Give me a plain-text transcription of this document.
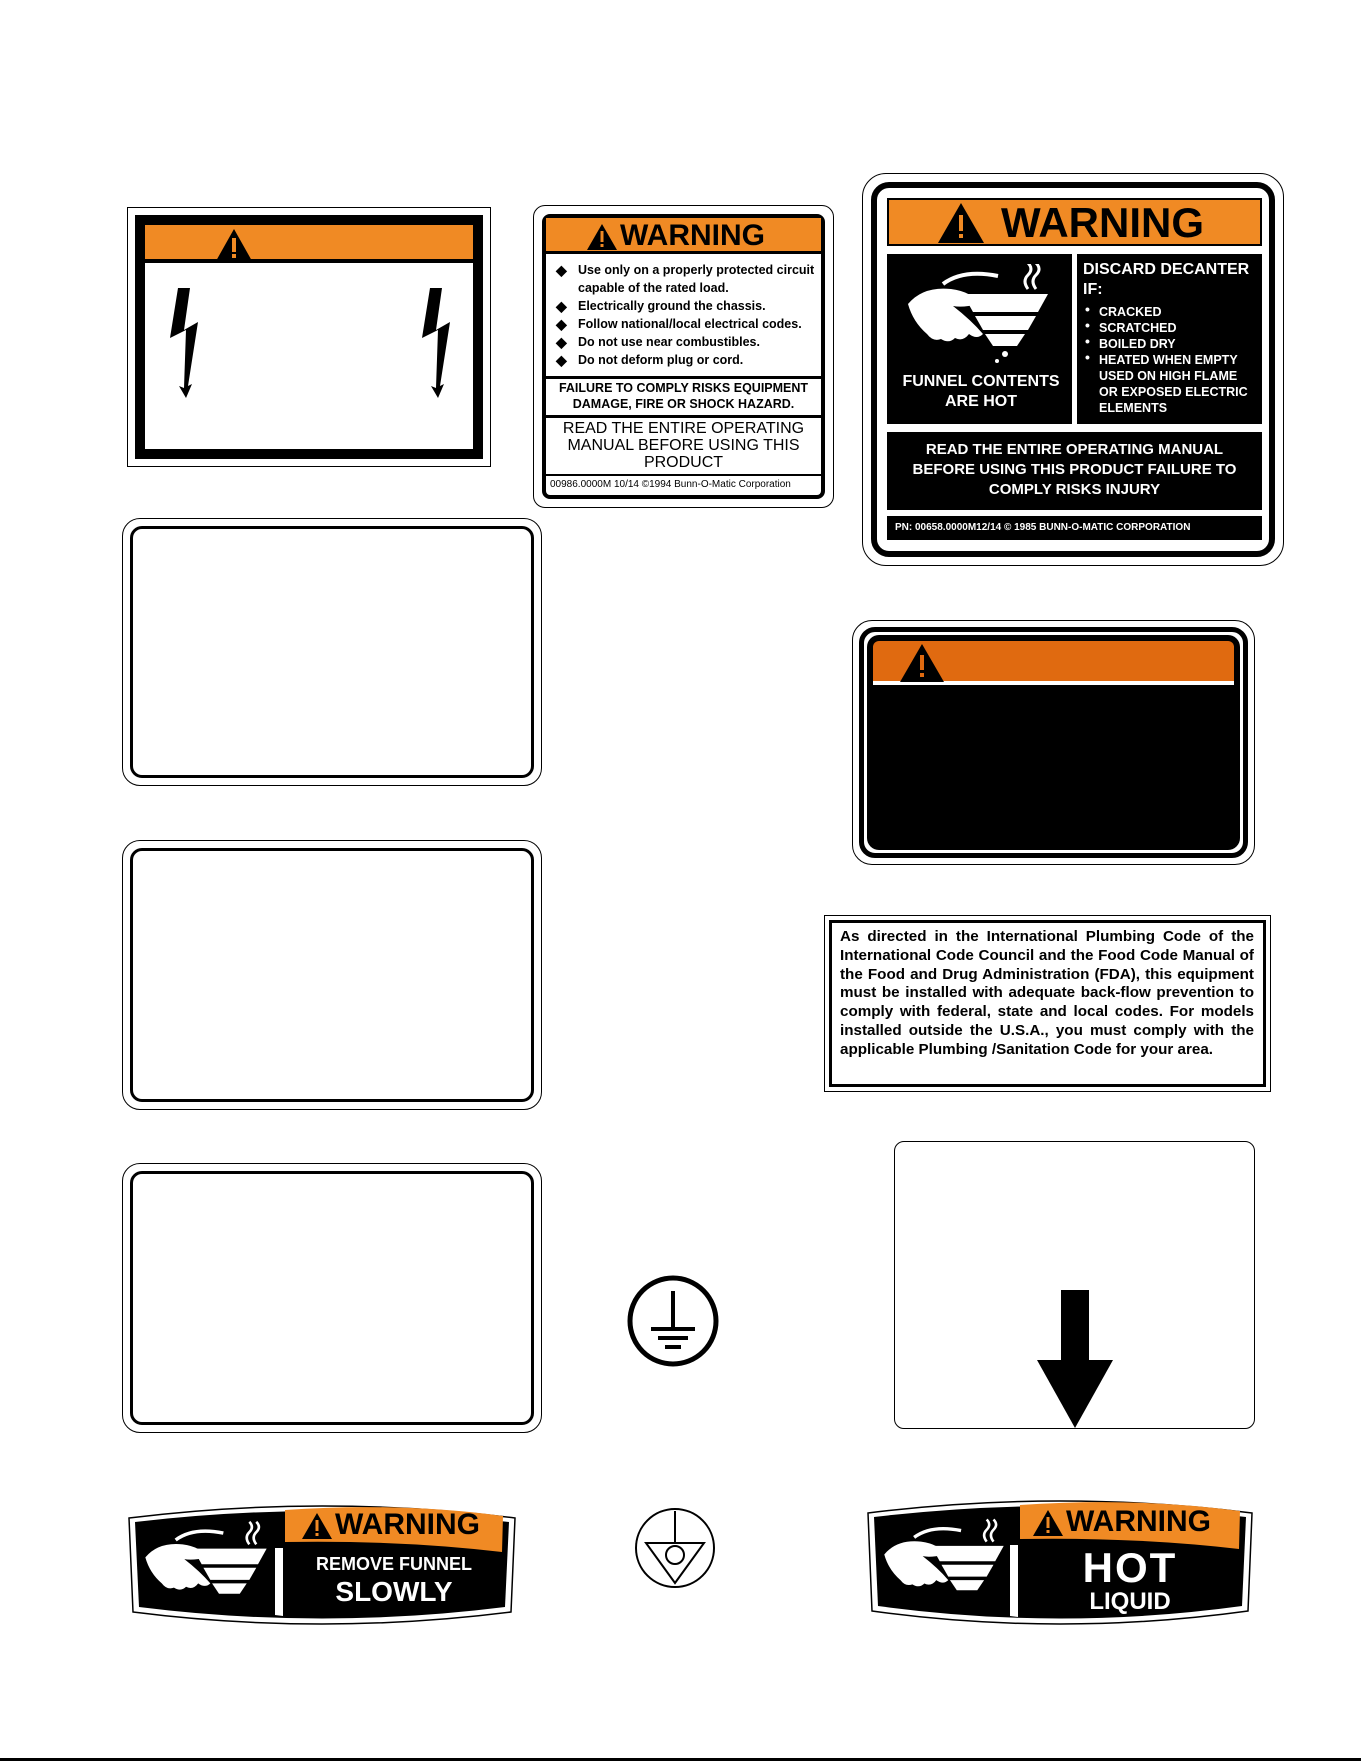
WARNING
◆ Use only on a properly protected circuit capable of the rated load.
◆ Electrically ground the chassis.
◆ Follow national/local electrical codes.
◆ Do not use near combustibles.
◆ Do not deform plug or cord.
FAILURE TO COMPLY RISKS EQUIPMENT DAMAGE, FIRE OR SHOCK HAZARD.
READ THE ENTIRE OPERATING MANUAL BEFORE USING THIS PRODUCT
00986.0000M 10/14 ©1994 Bunn-O-Matic Corporation
WARNING
FUNNEL CONTENTS ARE HOT
DISCARD DECANTER IF:
• CRACKED
• SCRATCHED
• BOILED DRY
• HEATED WHEN EMPTY USED ON HIGH FLAME OR EXPOSED ELECTRIC ELEMENTS
READ THE ENTIRE OPERATING MANUAL BEFORE USING THIS PRODUCT FAILURE TO COMPLY RISKS INJURY
PN: 00658.0000M12/14 © 1985 BUNN-O-MATIC CORPORATION
As directed in the International Plumbing Code of the International Code Council and the Food Code Manual of the Food and Drug Administration (FDA), this equipment must be installed with adequate back-flow prevention to comply with federal, state and local codes. For models installed outside the U.S.A., you must comply with the applicable Plumbing /Sanitation Code for your area.
WARNING
REMOVE FUNNEL
SLOWLY
WARNING
HOT
LIQUID
